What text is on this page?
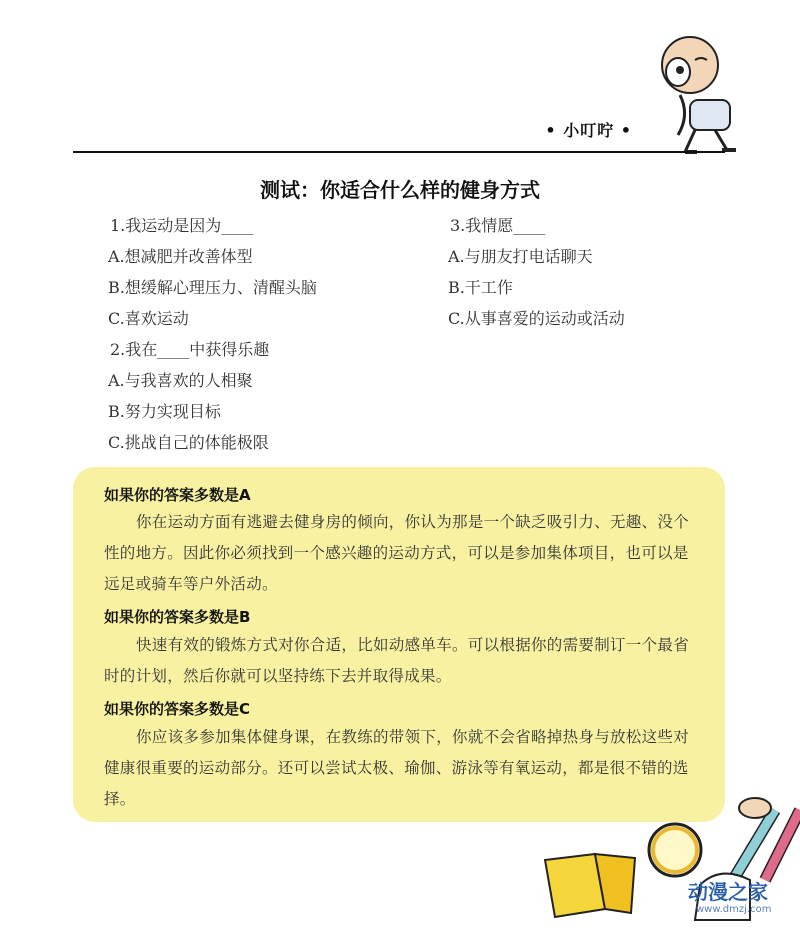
• 小叮咛 •
测试：你适合什么样的健身方式
1.我运动是因为____
A.想减肥并改善体型
B.想缓解心理压力、清醒头脑
C.喜欢运动
2.我在____中获得乐趣
A.与我喜欢的人相聚
B.努力实现目标
C.挑战自己的体能极限
3.我情愿____
A.与朋友打电话聊天
B.干工作
C.从事喜爱的运动或活动
如果你的答案多数是A
你在运动方面有逃避去健身房的倾向，你认为那是一个缺乏吸引力、无趣、没个性的地方。因此你必须找到一个感兴趣的运动方式，可以是参加集体项目，也可以是远足或骑车等户外活动。
如果你的答案多数是B
快速有效的锻炼方式对你合适，比如动感单车。可以根据你的需要制订一个最省时的计划，然后你就可以坚持练下去并取得成果。
如果你的答案多数是C
你应该多参加集体健身课，在教练的带领下，你就不会省略掉热身与放松这些对健康很重要的运动部分。还可以尝试太极、瑜伽、游泳等有氧运动，都是很不错的选择。
动漫之家
www.dmzj.com
